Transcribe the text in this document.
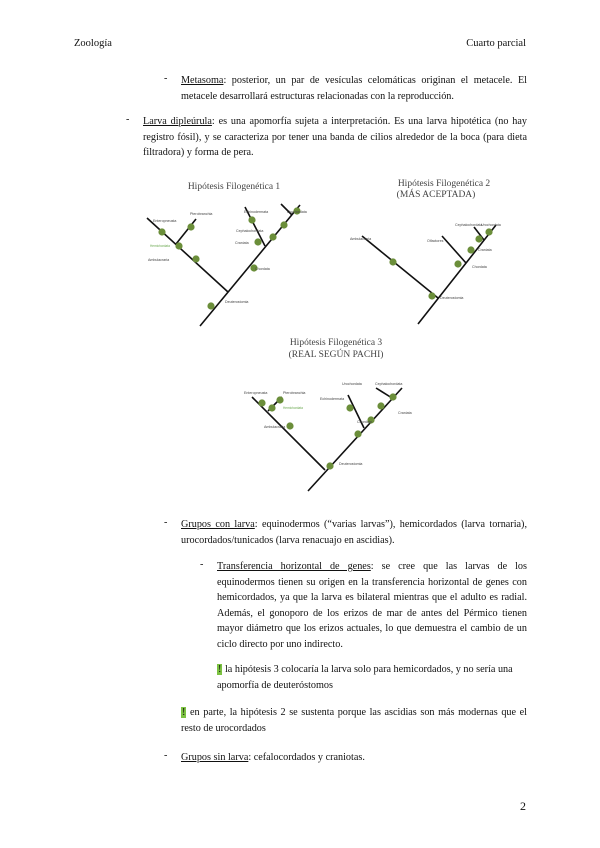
Zoología	Cuarto parcial
- Metasoma: posterior, un par de vesículas celomáticas originan el metacele. El metacele desarrollará estructuras relacionadas con la reproducción.
- Larva dipleúrula: es una apomorfía sujeta a interpretación. Es una larva hipotética (no hay registro fósil), y se caracteriza por tener una banda de cilios alrededor de la boca (para dieta filtradora) y forma de pera.
Hipótesis Filogenética 1
Ambulacraria
Chordata
Enteropneusta
Pterobranchia	Echinodermata
Cephalochordata
Urochordata
Craniata
Hemichordata
Deuterostomia
Hipótesis Filogenética 2
(MÁS ACEPTADA)
Ambulacraria
Chordata
Olfactores
Cephalochordata
Urochordata
Craniata
Deuterostomia
Hipótesis Filogenética 3
(REAL SEGÚN PACHI)
Enteropneusta	Pterobranchia
Hemichordata
Echinodermata
Ambulacraria
Urochordata	Cephalochordata
Craniata
Chordata
Deuterostomia
- Grupos con larva: equinodermos (“varias larvas”), hemicordados (larva tornaria), urocordados/tunicados (larva renacuajo en ascidias).
- Transferencia horizontal de genes: se cree que las larvas de los equinodermos tienen su origen en la transferencia horizontal de genes con hemicordados, ya que la larva es bilateral mientras que el adulto es radial. Además, el gonoporo de los erizos de mar de antes del Pérmico tienen mayor diámetro que los erizos actuales, lo que demuestra el cambio de un ciclo directo por uno indirecto.
! la hipótesis 3 colocaría la larva solo para hemicordados, y no sería una apomorfía de deuteróstomos
! en parte, la hipótesis 2 se sustenta porque las ascidias son más modernas que el resto de urocordados
- Grupos sin larva: cefalocordados y craniotas.
2
